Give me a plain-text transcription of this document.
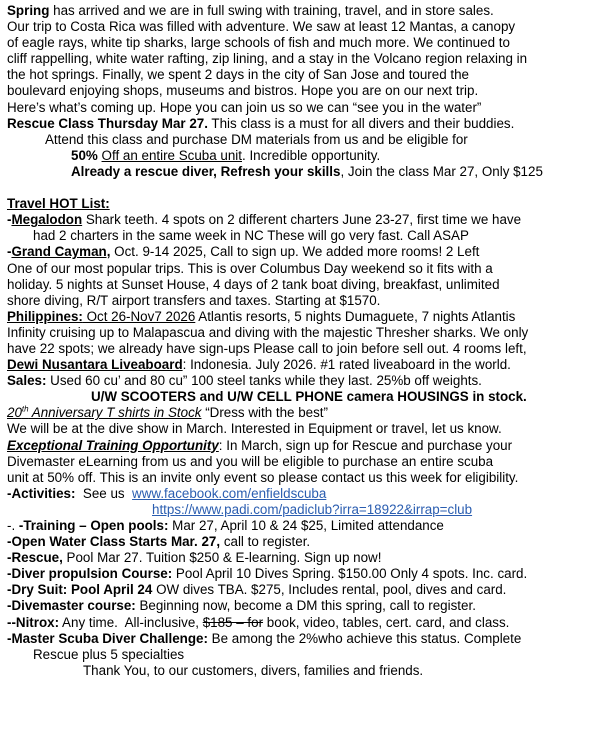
Spring has arrived and we are in full swing with training, travel, and in store sales.
Our trip to Costa Rica was filled with adventure. We saw at least 12 Mantas, a canopy
of eagle rays, white tip sharks, large schools of fish and much more. We continued to
cliff rappelling, white water rafting, zip lining, and a stay in the Volcano region relaxing in
the hot springs. Finally, we spent 2 days in the city of San Jose and toured the
boulevard enjoying shops, museums and bistros. Hope you are on our next trip.
Here’s what’s coming up. Hope you can join us so we can “see you in the water”
Rescue Class Thursday Mar 27. This class is a must for all divers and their buddies.
Attend this class and purchase DM materials from us and be eligible for
50% Off an entire Scuba unit. Incredible opportunity.
Already a rescue diver, Refresh your skills, Join the class Mar 27, Only $125
Travel HOT List:
-Megalodon Shark teeth. 4 spots on 2 different charters June 23-27, first time we have
had 2 charters in the same week in NC These will go very fast. Call ASAP
-Grand Cayman, Oct. 9-14 2025, Call to sign up. We added more rooms! 2 Left
One of our most popular trips. This is over Columbus Day weekend so it fits with a
holiday. 5 nights at Sunset House, 4 days of 2 tank boat diving, breakfast, unlimited
shore diving, R/T airport transfers and taxes. Starting at $1570.
Philippines: Oct 26-Nov7 2026 Atlantis resorts, 5 nights Dumaguete, 7 nights Atlantis
Infinity cruising up to Malapascua and diving with the majestic Thresher sharks. We only
have 22 spots; we already have sign-ups Please call to join before sell out. 4 rooms left,
Dewi Nusantara Liveaboard: Indonesia. July 2026. #1 rated liveaboard in the world.
Sales: Used 60 cu’ and 80 cu” 100 steel tanks while they last. 25%b off weights.
U/W SCOOTERS and U/W CELL PHONE camera HOUSINGS in stock.
20th Anniversary T shirts in Stock “Dress with the best”
We will be at the dive show in March. Interested in Equipment or travel, let us know.
Exceptional Training Opportunity: In March, sign up for Rescue and purchase your
Divemaster eLearning from us and you will be eligible to purchase an entire scuba
unit at 50% off. This is an invite only event so please contact us this week for eligibility.
-Activities:  See us  www.facebook.com/enfieldscuba
https://www.padi.com/padiclub?irra=18922&irrap=club
-. -Training – Open pools: Mar 27, April 10 & 24 $25, Limited attendance
-Open Water Class Starts Mar. 27, call to register.
-Rescue, Pool Mar 27. Tuition $250 & E-learning. Sign up now!
-Diver propulsion Course: Pool April 10 Dives Spring. $150.00 Only 4 spots. Inc. card.
-Dry Suit: Pool April 24 OW dives TBA. $275, Includes rental, pool, dives and card.
-Divemaster course: Beginning now, become a DM this spring, call to register.
--Nitrox: Any time.  All-inclusive, $185 – for book, video, tables, cert. card, and class.
-Master Scuba Diver Challenge: Be among the 2%who achieve this status. Complete
Rescue plus 5 specialties
Thank You, to our customers, divers, families and friends.
